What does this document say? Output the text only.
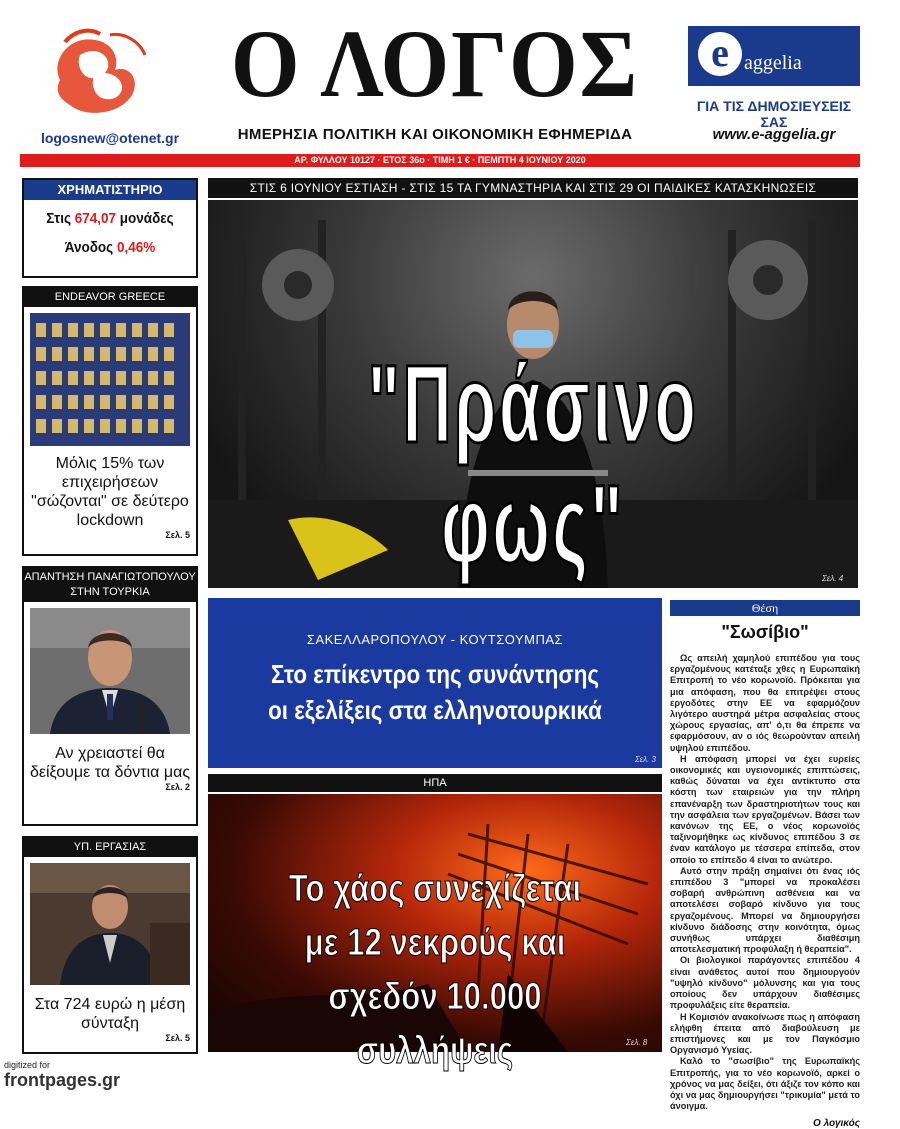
logosnew@otenet.gr
Ο ΛΟΓΟΣ
ΗΜΕΡΗΣΙΑ ΠΟΛΙΤΙΚΗ ΚΑΙ ΟΙΚΟΝΟΜΙΚΗ ΕΦΗΜΕΡΙΔΑ
e aggelia
ΓΙΑ ΤΙΣ ΔΗΜΟΣΙΕΥΣΕΙΣ ΣΑΣ
www.e-aggelia.gr
ΑΡ. ΦΥΛΛΟΥ 10127 · ΕΤΟΣ 36ο · ΤΙΜΗ 1 € · ΠΕΜΠΤΗ 4 ΙΟΥΝΙΟΥ 2020
ΧΡΗΜΑΤΙΣΤΗΡΙΟ
Στις 674,07 μονάδες
Άνοδος 0,46%
ENDEAVOR GREECE
Μόλις 15% των επιχειρήσεων "σώζονται" σε δεύτερο lockdown
Σελ. 5
ΑΠΑΝΤΗΣΗ ΠΑΝΑΓΙΩΤΟΠΟΥΛΟΥ ΣΤΗΝ ΤΟΥΡΚΙΑ
Αν χρειαστεί θα δείξουμε τα δόντια μας
Σελ. 2
ΥΠ. ΕΡΓΑΣΙΑΣ
Στα 724 ευρώ η μέση σύνταξη
Σελ. 5
ΣΤΙΣ 6 ΙΟΥΝΙΟΥ ΕΣΤΙΑΣΗ - ΣΤΙΣ 15 ΤΑ ΓΥΜΝΑΣΤΗΡΙΑ ΚΑΙ ΣΤΙΣ 29 ΟΙ ΠΑΙΔΙΚΕΣ ΚΑΤΑΣΚΗΝΩΣΕΙΣ
"Πράσινο φως"	Σελ. 4
ΣΑΚΕΛΛΑΡΟΠΟΥΛΟΥ - ΚΟΥΤΣΟΥΜΠΑΣ
Στο επίκεντρο της συνάντησης
οι εξελίξεις στα ελληνοτουρκικά
Σελ. 3
ΗΠΑ
Το χάος συνεχίζεται
με 12 νεκρούς και
σχεδόν 10.000 συλλήψεις	Σελ. 8
Θέση
"Σωσίβιο"

Ως απειλή χαμηλού επιπέδου για τους εργαζομένους κατέταξε χθες η Ευρωπαϊκή Επιτροπή το νέο κορωνοϊό. Πρόκειται για μια απόφαση, που θα επιτρέψει στους εργοδότες στην ΕΕ να εφαρμόζουν λιγότερο αυστηρά μέτρα ασφαλείας στους χώρους εργασίας, απ' ό,τι θα έπρεπε να εφαρμόσουν, αν ο ιός θεωρούνταν απειλή υψηλού επιπέδου.

Η απόφαση μπορεί να έχει ευρείες οικονομικές και υγειονομικές επιπτώσεις, καθώς δύναται να έχει αντίκτυπο στα κόστη των εταιρειών για την πλήρη επανέναρξη των δραστηριοτήτων τους και την ασφάλεια των εργαζομένων. Βάσει των κανόνων της ΕΕ, ο νέος κορωνοϊός ταξινομήθηκε ως κίνδυνος επιπέδου 3 σε έναν κατάλογο με τέσσερα επίπεδα, στον οποίο το επίπεδο 4 είναι το ανώτερο.

Αυτό στην πράξη σημαίνει ότι ένας ιός επιπέδου 3 "μπορεί να προκαλέσει σοβαρή ανθρώπινη ασθένεια και να αποτελέσει σοβαρό κίνδυνο για τους εργαζομένους. Μπορεί να δημιουργήσει κίνδυνο διάδοσης στην κοινότητα, όμως συνήθως υπάρχει διαθέσιμη αποτελεσματική προφύλαξη ή θεραπεία".

Οι βιολογικοί παράγοντες επιπέδου 4 είναι ανάθετος αυτοί που δημιουργούν "υψηλό κίνδυνο" μόλυνσης και για τους οποίους δεν υπάρχουν διαθέσιμες προφυλάξεις είτε θεραπεία.

Η Κομισιόν ανακοίνωσε πως η απόφαση ελήφθη έπειτα από διαβούλευση με επιστήμονες και με τον Παγκόσμιο Οργανισμό Υγείας.

Καλό το "σωσίβιο" της Ευρωπαϊκής Επιτροπής, για το νέο κορωνοϊό, αρκεί ο χρόνος να μας δείξει, ότι άξιζε τον κόπο και όχι να μας δημιουργήσει "τρικυμία" μετά το άνοιγμα.

Ο λογικός
digitized for
frontpages.gr
